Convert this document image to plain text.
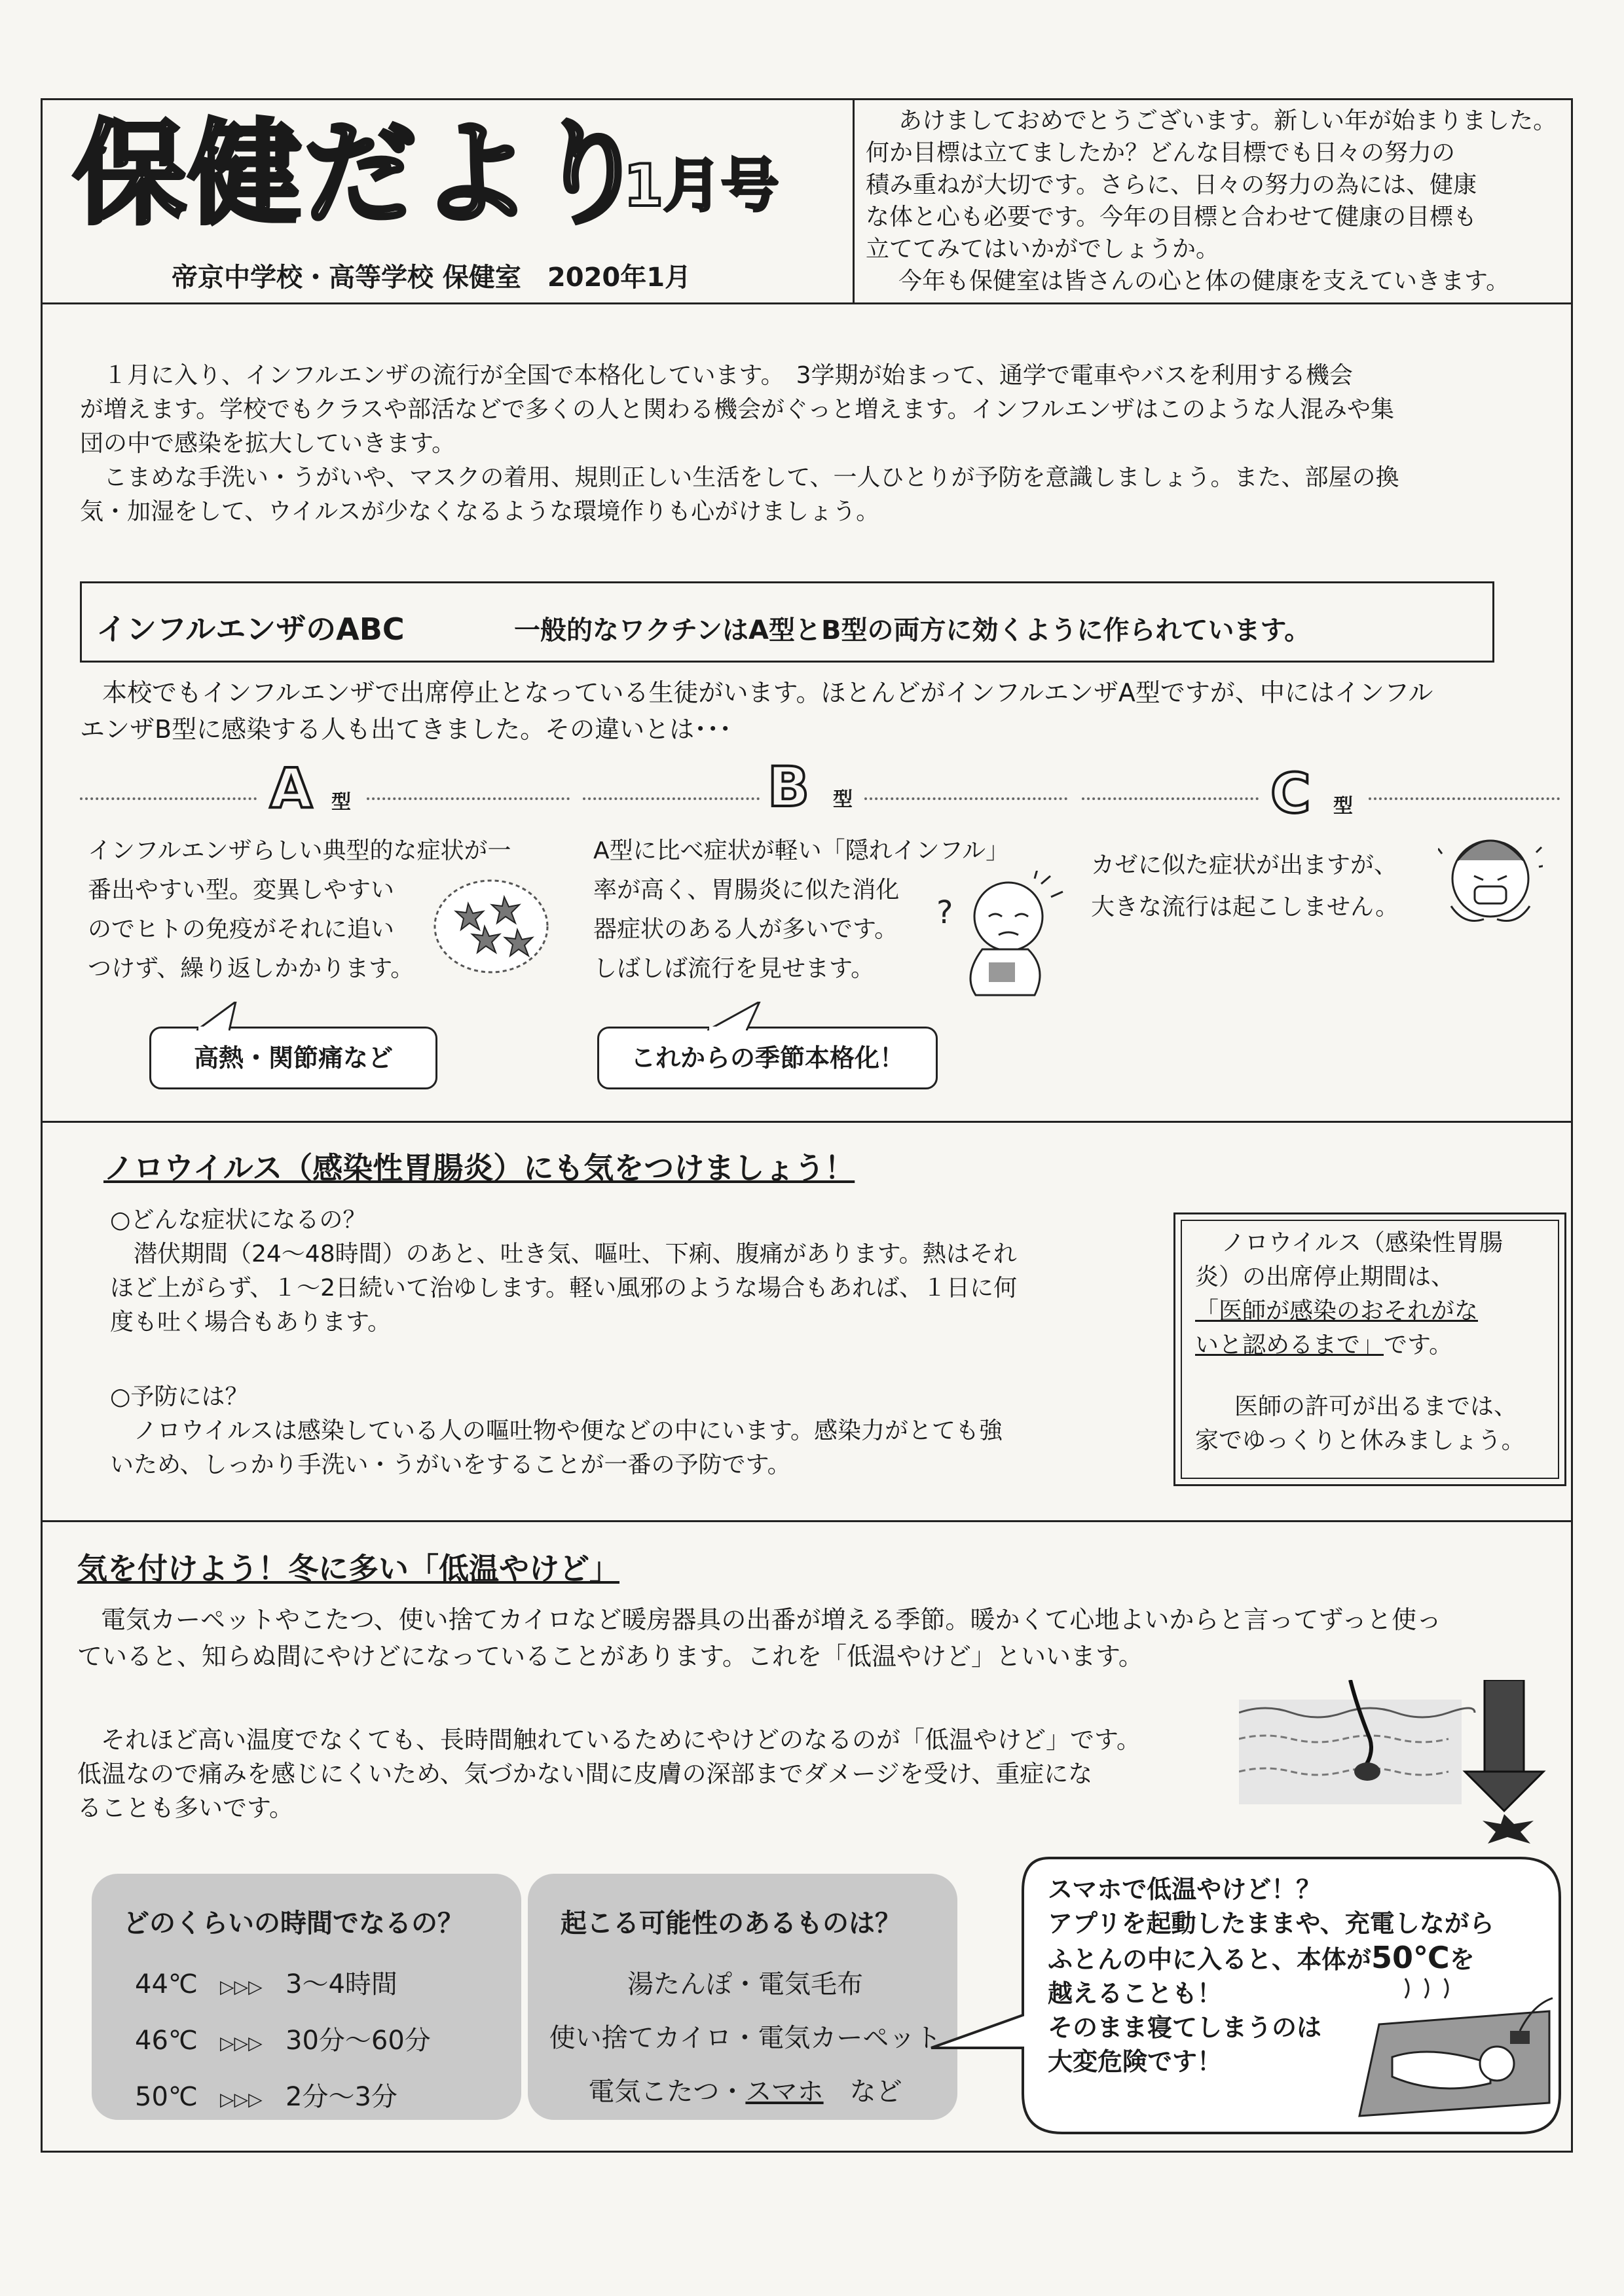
保健だより
1月号
帝京中学校・高等学校 保健室　2020年1月
あけましておめでとうございます。新しい年が始まりました。
何か目標は立てましたか？どんな目標でも日々の努力の
積み重ねが大切です。さらに、日々の努力の為には、健康
な体と心も必要です。今年の目標と合わせて健康の目標も
立ててみてはいかがでしょうか。
今年も保健室は皆さんの心と体の健康を支えていきます。
１月に入り、インフルエンザの流行が全国で本格化しています。　3学期が始まって、通学で電車やバスを利用する機会
が増えます。学校でもクラスや部活などで多くの人と関わる機会がぐっと増えます。インフルエンザはこのような人混みや集
団の中で感染を拡大していきます。
こまめな手洗い・うがいや、マスクの着用、規則正しい生活をして、一人ひとりが予防を意識しましょう。また、部屋の換
気・加湿をして、ウイルスが少なくなるような環境作りも心がけましょう。
インフルエンザのABC	一般的なワクチンはA型とB型の両方に効くように作られています。
本校でもインフルエンザで出席停止となっている生徒がいます。ほとんどがインフルエンザA型ですが、中にはインフル
エンザB型に感染する人も出てきました。その違いとは･･･
A 型	B 型	C 型
インフルエンザらしい典型的な症状が一
番出やすい型。変異しやすい
のでヒトの免疫がそれに追い
つけず、繰り返しかかります。
高熱・関節痛など
A型に比べ症状が軽い「隠れインフル」
率が高く、胃腸炎に似た消化
器症状のある人が多いです。
しばしば流行を見せます。
?
これからの季節本格化！
カゼに似た症状が出ますが、
大きな流行は起こしません。
ノロウイルス（感染性胃腸炎）にも気をつけましょう！
○どんな症状になるの？
潜伏期間（24～48時間）のあと、吐き気、嘔吐、下痢、腹痛があります。熱はそれ
ほど上がらず、１～2日続いて治ゆします。軽い風邪のような場合もあれば、１日に何
度も吐く場合もあります。
○予防には？
ノロウイルスは感染している人の嘔吐物や便などの中にいます。感染力がとても強
いため、しっかり手洗い・うがいをすることが一番の予防です。
ノロウイルス（感染性胃腸
炎）の出席停止期間は、
「医師が感染のおそれがな
いと認めるまで」です。
医師の許可が出るまでは、
家でゆっくりと休みましょう。
気を付けよう！冬に多い「低温やけど」
電気カーペットやこたつ、使い捨てカイロなど暖房器具の出番が増える季節。暖かくて心地よいからと言ってずっと使っ
ていると、知らぬ間にやけどになっていることがあります。これを「低温やけど」といいます。
それほど高い温度でなくても、長時間触れているためにやけどのなるのが「低温やけど」です。
低温なので痛みを感じにくいため、気づかない間に皮膚の深部までダメージを受け、重症にな
ることも多いです。
どのくらいの時間でなるの？
44℃ ▷▷▷ 3～4時間
46℃ ▷▷▷ 30分～60分
50℃ ▷▷▷ 2分～3分
起こる可能性のあるものは？
湯たんぽ・電気毛布
使い捨てカイロ・電気カーペット
電気こたつ・スマホ　など
スマホで低温やけど！？
アプリを起動したままや、充電しながら
ふとんの中に入ると、本体が50℃を
越えることも！
そのまま寝てしまうのは
大変危険です！
